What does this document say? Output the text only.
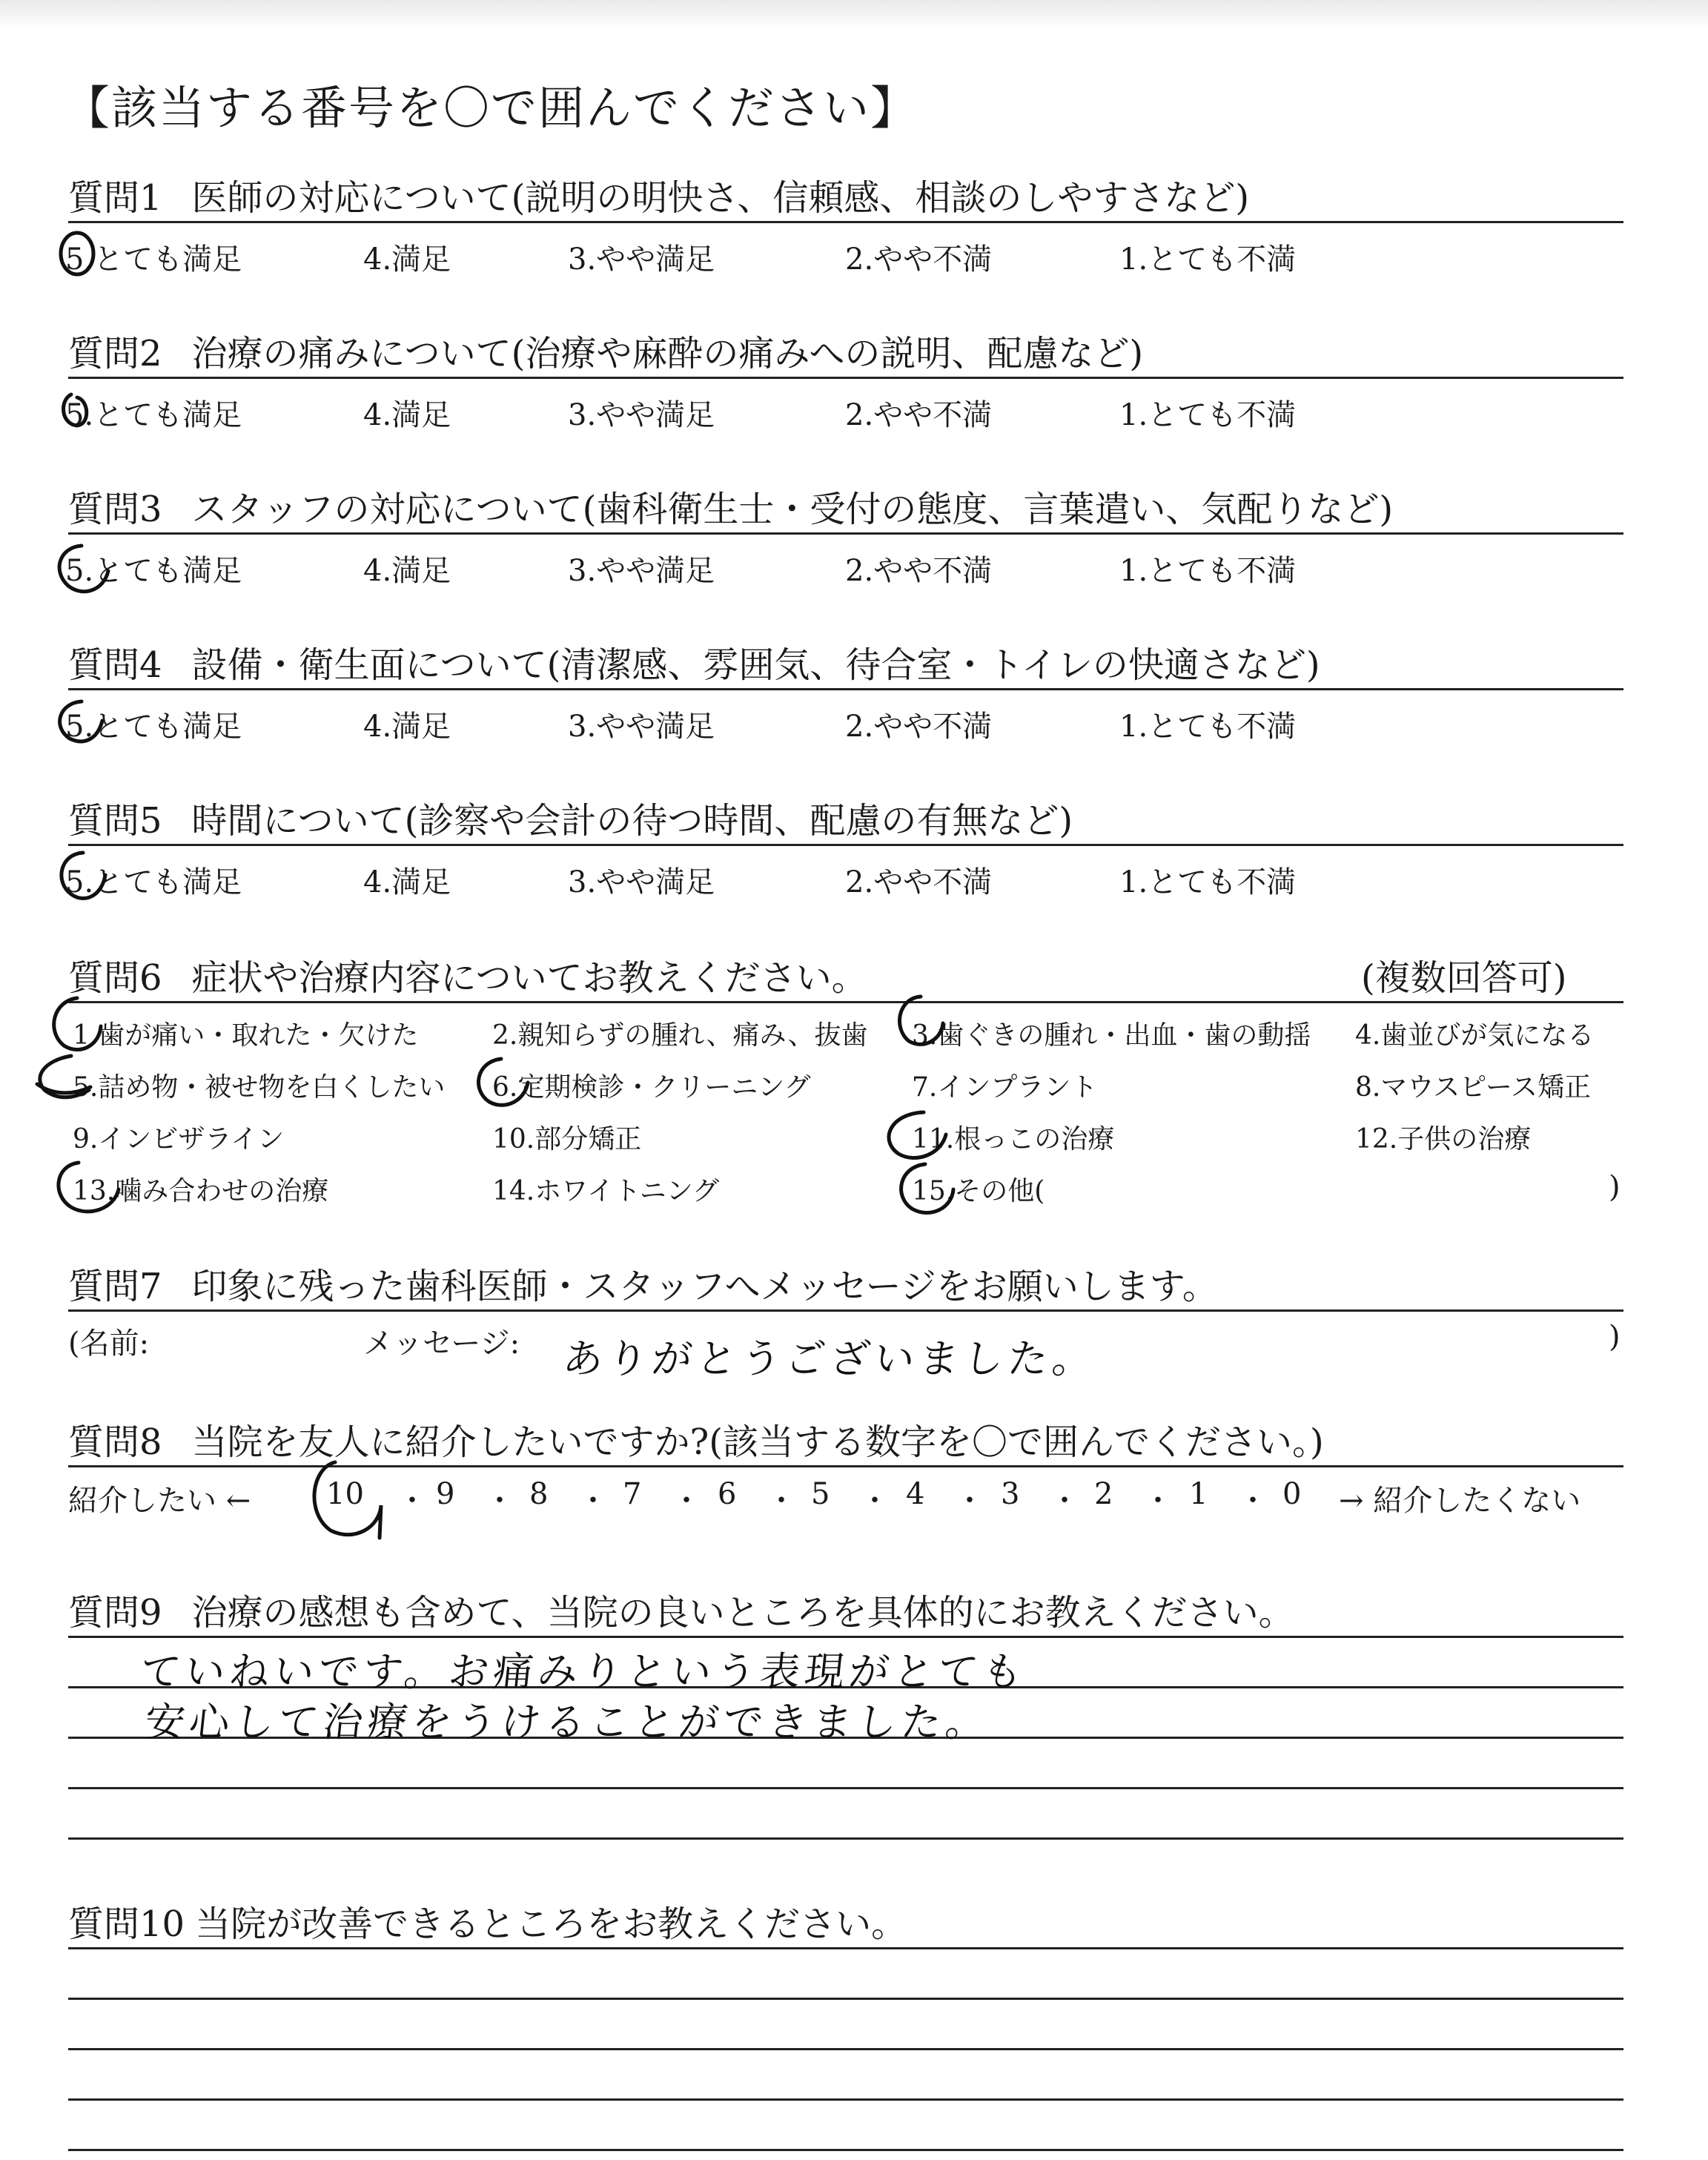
【該当する番号を〇で囲んでください】
質問1 医師の対応について(説明の明快さ、信頼感、相談のしやすさなど)
5.とても満足	4.満足	3.やや満足	2.やや不満	1.とても不満
質問2 治療の痛みについて(治療や麻酔の痛みへの説明、配慮など)
5.とても満足	4.満足	3.やや満足	2.やや不満	1.とても不満
質問3 スタッフの対応について(歯科衛生士・受付の態度、言葉遣い、気配りなど)
5.とても満足	4.満足	3.やや満足	2.やや不満	1.とても不満
質問4 設備・衛生面について(清潔感、雰囲気、待合室・トイレの快適さなど)
5.とても満足	4.満足	3.やや満足	2.やや不満	1.とても不満
質問5 時間について(診察や会計の待つ時間、配慮の有無など)
5.とても満足	4.満足	3.やや満足	2.やや不満	1.とても不満
質問6 症状や治療内容についてお教えください。	(複数回答可)
1.歯が痛い・取れた・欠けた	2.親知らずの腫れ、痛み、抜歯 3.歯ぐきの腫れ・出血・歯の動揺 4.歯並びが気になる
5.詰め物・被せ物を白くしたい 6.定期検診・クリーニング	7.インプラント	8.マウスピース矯正
9.インビザライン	10.部分矯正	11.根っこの治療	12.子供の治療
13.噛み合わせの治療	14.ホワイトニング	15.その他(	)
質問7 印象に残った歯科医師・スタッフへメッセージをお願いします。
(名前:	メッセージ: ありがとうございました。	)
質問8 当院を友人に紹介したいですか?(該当する数字を〇で囲んでください。)
紹介したい ←	10 ・ 9 ・ 8 ・ 7 ・ 6 ・ 5 ・ 4 ・ 3 ・ 2 ・ 1 ・ 0 → 紹介したくない
質問9 治療の感想も含めて、当院の良いところを具体的にお教えください。
ていねいです。お痛みりという表現がとても
安心して治療をうけることができました。
質問10 当院が改善できるところをお教えください。
